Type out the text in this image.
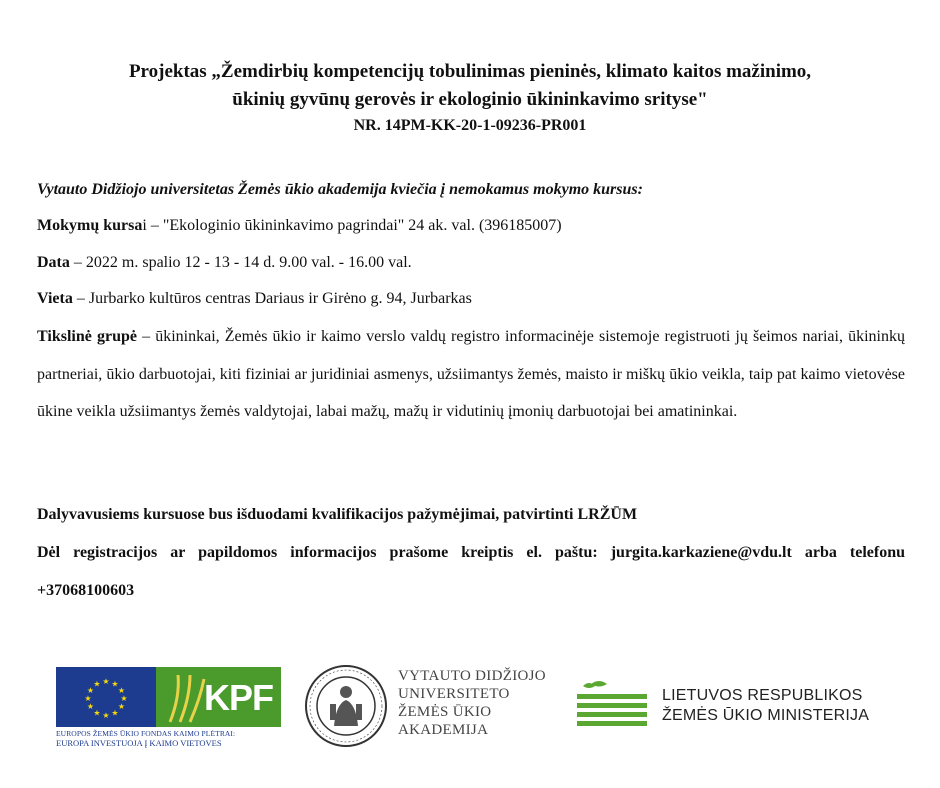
Projektas „Žemdirbių kompetencijų tobulinimas pieninės, klimato kaitos mažinimo,
ūkinių gyvūnų gerovės ir ekologinio ūkininkavimo srityse"
NR. 14PM-KK-20-1-09236-PR001
Vytauto Didžiojo universitetas Žemės ūkio akademija kviečia į nemokamus mokymo kursus:
Mokymų kursai – "Ekologinio ūkininkavimo pagrindai" 24 ak. val. (396185007)
Data – 2022 m. spalio 12 - 13 - 14 d. 9.00 val. - 16.00 val.
Vieta – Jurbarko kultūros centras Dariaus ir Girėno g. 94, Jurbarkas
Tikslinė grupė – ūkininkai, Žemės ūkio ir kaimo verslo valdų registro informacinėje sistemoje registruoti jų šeimos nariai, ūkininkų partneriai, ūkio darbuotojai, kiti fiziniai ar juridiniai asmenys, užsiimantys žemės, maisto ir miškų ūkio veikla, taip pat kaimo vietovėse ūkine veikla užsiimantys žemės valdytojai, labai mažų, mažų ir vidutinių įmonių darbuotojai bei amatininkai.
Dalyvavusiems kursuose bus išduodami kvalifikacijos pažymėjimai, patvirtinti LRŽŪM
Dėl registracijos ar papildomos informacijos prašome kreiptis el. paštu: jurgita.karkaziene@vdu.lt arba telefonu +37068100603
★ ★
★
★
★
★
★
★
★
★
★
★	KPF
EUROPOS ŽEMĖS ŪKIO FONDAS KAIMO PLĖTRAI:
EUROPA INVESTUOJA Į KAIMO VIETOVES
VYTAUTO DIDŽIOJO
UNIVERSITETO
ŽEMĖS ŪKIO
AKADEMIJA
LIETUVOS RESPUBLIKOS
ŽEMĖS ŪKIO MINISTERIJA
